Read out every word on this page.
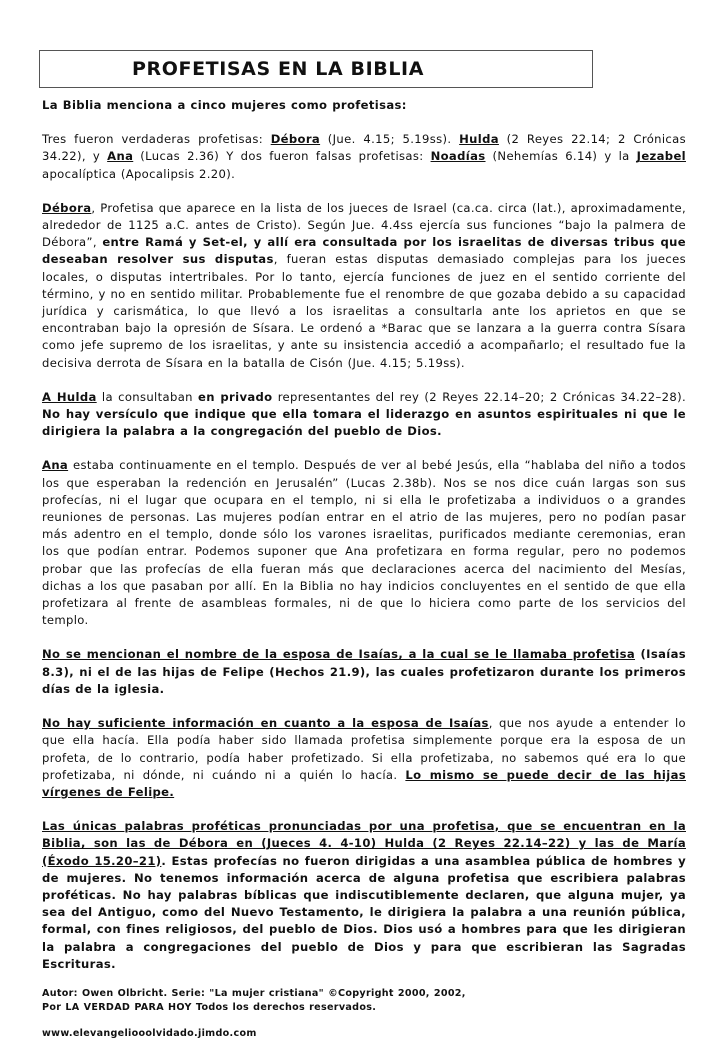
PROFETISAS EN LA BIBLIA

La Biblia menciona a cinco mujeres como profetisas:

Tres fueron verdaderas profetisas: Débora (Jue. 4.15; 5.19ss). Hulda (2 Reyes 22.14; 2 Crónicas 34.22), y Ana (Lucas 2.36) Y dos fueron falsas profetisas: Noadías (Nehemías 6.14) y la Jezabel apocalíptica (Apocalipsis 2.20).

Débora, Profetisa que aparece en la lista de los jueces de Israel (ca.ca. circa (lat.), aproximadamente, alrededor de 1125 a.C. antes de Cristo). Según Jue. 4.4ss ejercía sus funciones “bajo la palmera de Débora”, entre Ramá y Set-el, y allí era consultada por los israelitas de diversas tribus que deseaban resolver sus disputas, fueran estas disputas demasiado complejas para los jueces locales, o disputas intertribales. Por lo tanto, ejercía funciones de juez en el sentido corriente del término, y no en sentido militar. Probablemente fue el renombre de que gozaba debido a su capacidad jurídica y carismática, lo que llevó a los israelitas a consultarla ante los aprietos en que se encontraban bajo la opresión de Sísara. Le ordenó a *Barac que se lanzara a la guerra contra Sísara como jefe supremo de los israelitas, y ante su insistencia accedió a acompañarlo; el resultado fue la decisiva derrota de Sísara en la batalla de Cisón (Jue. 4.15; 5.19ss).

A Hulda la consultaban en privado representantes del rey (2 Reyes 22.14–20; 2 Crónicas 34.22–28). No hay versículo que indique que ella tomara el liderazgo en asuntos espirituales ni que le dirigiera la palabra a la congregación del pueblo de Dios.

Ana estaba continuamente en el templo. Después de ver al bebé Jesús, ella “hablaba del niño a todos los que esperaban la redención en Jerusalén” (Lucas 2.38b). Nos se nos dice cuán largas son sus profecías, ni el lugar que ocupara en el templo, ni si ella le profetizaba a individuos o a grandes reuniones de personas. Las mujeres podían entrar en el atrio de las mujeres, pero no podían pasar más adentro en el templo, donde sólo los varones israelitas, purificados mediante ceremonias, eran los que podían entrar. Podemos suponer que Ana profetizara en forma regular, pero no podemos probar que las profecías de ella fueran más que declaraciones acerca del nacimiento del Mesías, dichas a los que pasaban por allí. En la Biblia no hay indicios concluyentes en el sentido de que ella profetizara al frente de asambleas formales, ni de que lo hiciera como parte de los servicios del templo.

No se mencionan el nombre de la esposa de Isaías, a la cual se le llamaba profetisa (Isaías 8.3), ni el de las hijas de Felipe (Hechos 21.9), las cuales profetizaron durante los primeros días de la iglesia.

No hay suficiente información en cuanto a la esposa de Isaías, que nos ayude a entender lo que ella hacía. Ella podía haber sido llamada profetisa simplemente porque era la esposa de un profeta, de lo contrario, podía haber profetizado. Si ella profetizaba, no sabemos qué era lo que profetizaba, ni dónde, ni cuándo ni a quién lo hacía. Lo mismo se puede decir de las hijas vírgenes de Felipe.

Las únicas palabras proféticas pronunciadas por una profetisa, que se encuentran en la Biblia, son las de Débora en (Jueces 4. 4-10) Hulda (2 Reyes 22.14–22) y las de María (Éxodo 15.20–21). Estas profecías no fueron dirigidas a una asamblea pública de hombres y de mujeres. No tenemos información acerca de alguna profetisa que escribiera palabras proféticas. No hay palabras bíblicas que indiscutiblemente declaren, que alguna mujer, ya sea del Antiguo, como del Nuevo Testamento, le dirigiera la palabra a una reunión pública, formal, con fines religiosos, del pueblo de Dios. Dios usó a hombres para que les dirigieran la palabra a congregaciones del pueblo de Dios y para que escribieran las Sagradas Escrituras.

Autor: Owen Olbricht. Serie: "La mujer cristiana" ©Copyright 2000, 2002,
Por LA VERDAD PARA HOY Todos los derechos reservados.

www.elevangeliooolvidado.jimdo.com
